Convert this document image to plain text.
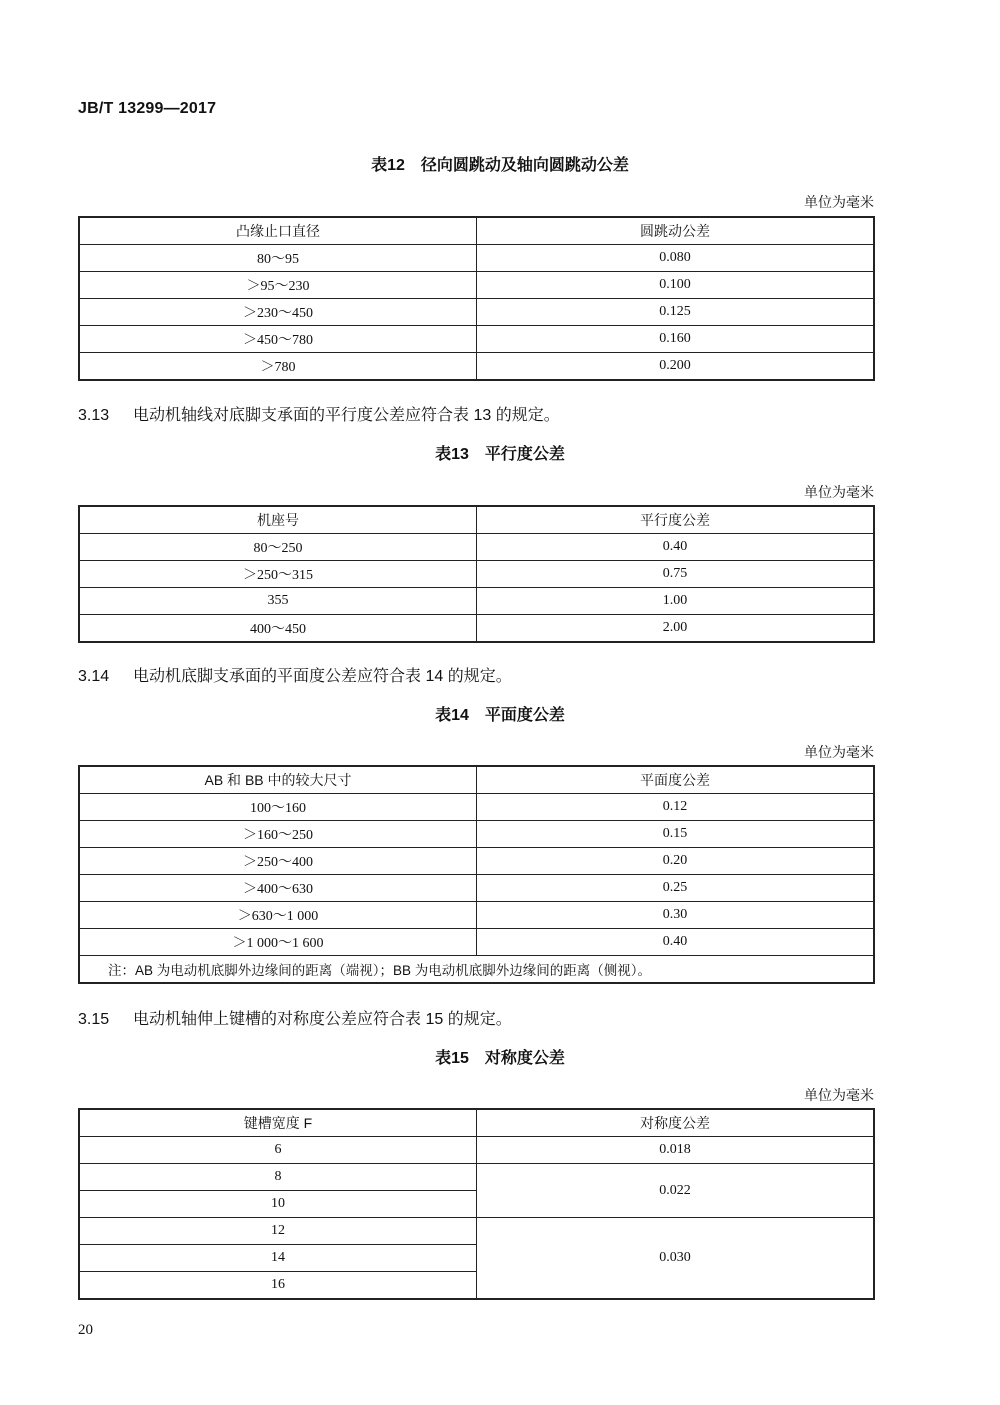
JB/T 13299—2017
表12　径向圆跳动及轴向圆跳动公差
单位为毫米
凸缘止口直径	圆跳动公差
80～95	0.080
＞95～230	0.100
＞230～450	0.125
＞450～780	0.160
＞780	0.200
3.13 电动机轴线对底脚支承面的平行度公差应符合表 13 的规定。
表13　平行度公差
单位为毫米
机座号	平行度公差
80～250	0.40
＞250～315	0.75
355	1.00
400～450	2.00
3.14 电动机底脚支承面的平面度公差应符合表 14 的规定。
表14　平面度公差
单位为毫米
AB 和 BB 中的较大尺寸	平面度公差
100～160	0.12
＞160～250	0.15
＞250～400	0.20
＞400～630	0.25
＞630～1 000	0.30
＞1 000～1 600	0.40
注：AB 为电动机底脚外边缘间的距离（端视）；BB 为电动机底脚外边缘间的距离（侧视）。	
3.15 电动机轴伸上键槽的对称度公差应符合表 15 的规定。
表15　对称度公差
单位为毫米
键槽宽度 F	对称度公差
6	0.018
8	0.022
10	
12	0.030
14	
16	
20
